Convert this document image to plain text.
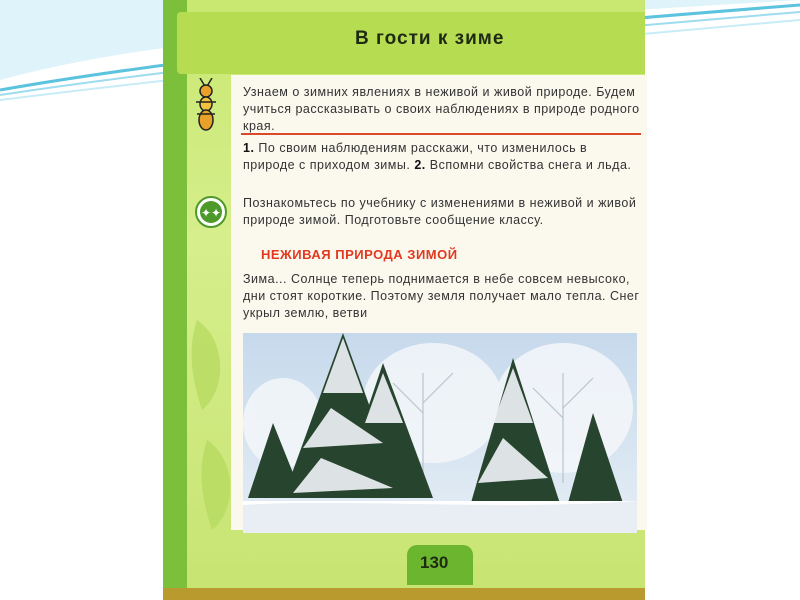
В гости к зиме
Узнаем о зимних явлениях в неживой и живой природе. Будем учиться рассказывать о своих наблюдениях в природе родного края.
1. По своим наблюдениям расскажи, что изменилось в природе с приходом зимы. 2. Вспомни свойства снега и льда.
✦✦
Познакомьтесь по учебнику с изменениями в неживой и живой природе зимой. Подготовьте сообщение классу.
НЕЖИВАЯ ПРИРОДА ЗИМОЙ
Зима... Солнце теперь поднимается в небе совсем невысоко, дни стоят короткие. Поэтому земля получает мало тепла. Снег укрыл землю, ветви
130
